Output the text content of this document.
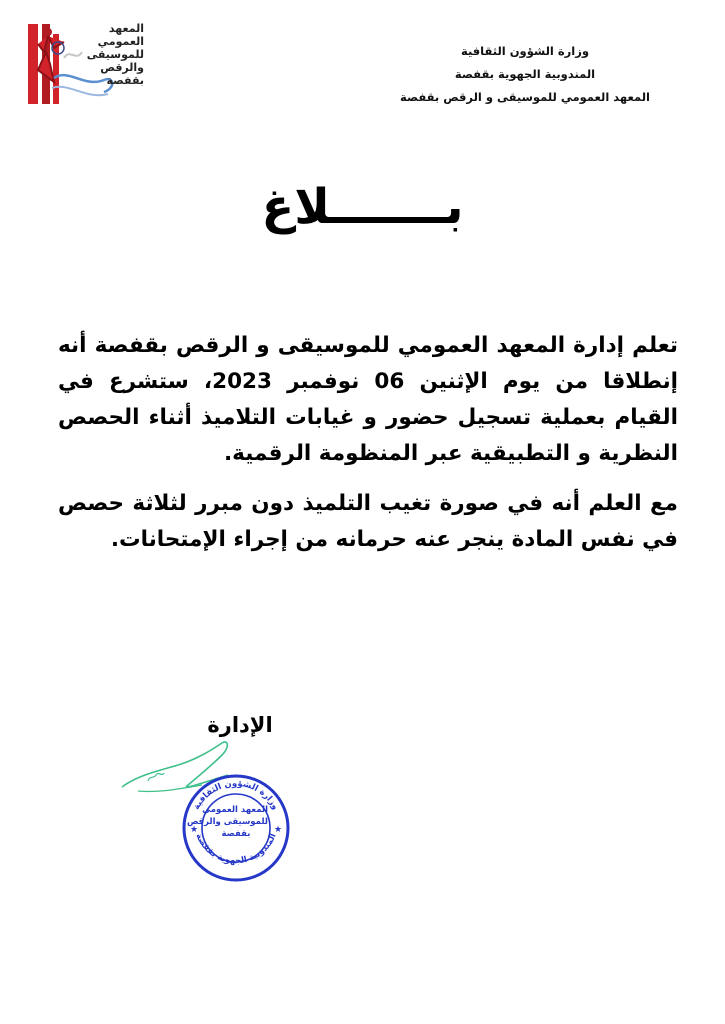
المعهد
العمومي
للموسيقى
والرقص
بقفصة
وزارة الشؤون الثقافية
المندوبية الجهوية بقفصة
المعهد العمومي للموسيقى و الرقص بقفصة
بـــــــلاغ

تعلم إدارة المعهد العمومي للموسيقى و الرقص بقفصة أنه إنطلاقا من يوم الإثنين 06 نوفمبر 2023، ستشرع في القيام بعملية تسجيل حضور و غيابات التلاميذ أثناء الحصص النظرية و التطبيقية عبر المنظومة الرقمية.

مع العلم أنه في صورة تغيب التلميذ دون مبرر لثلاثة حصص في نفس المادة ينجر عنه حرمانه من إجراء الإمتحانات.

الإدارة
وزارة الشؤون الثقافية
المندوبية الجهوية بقفصة
★	★
المعهد العمومي
للموسيقى والرقص
بقفصة
